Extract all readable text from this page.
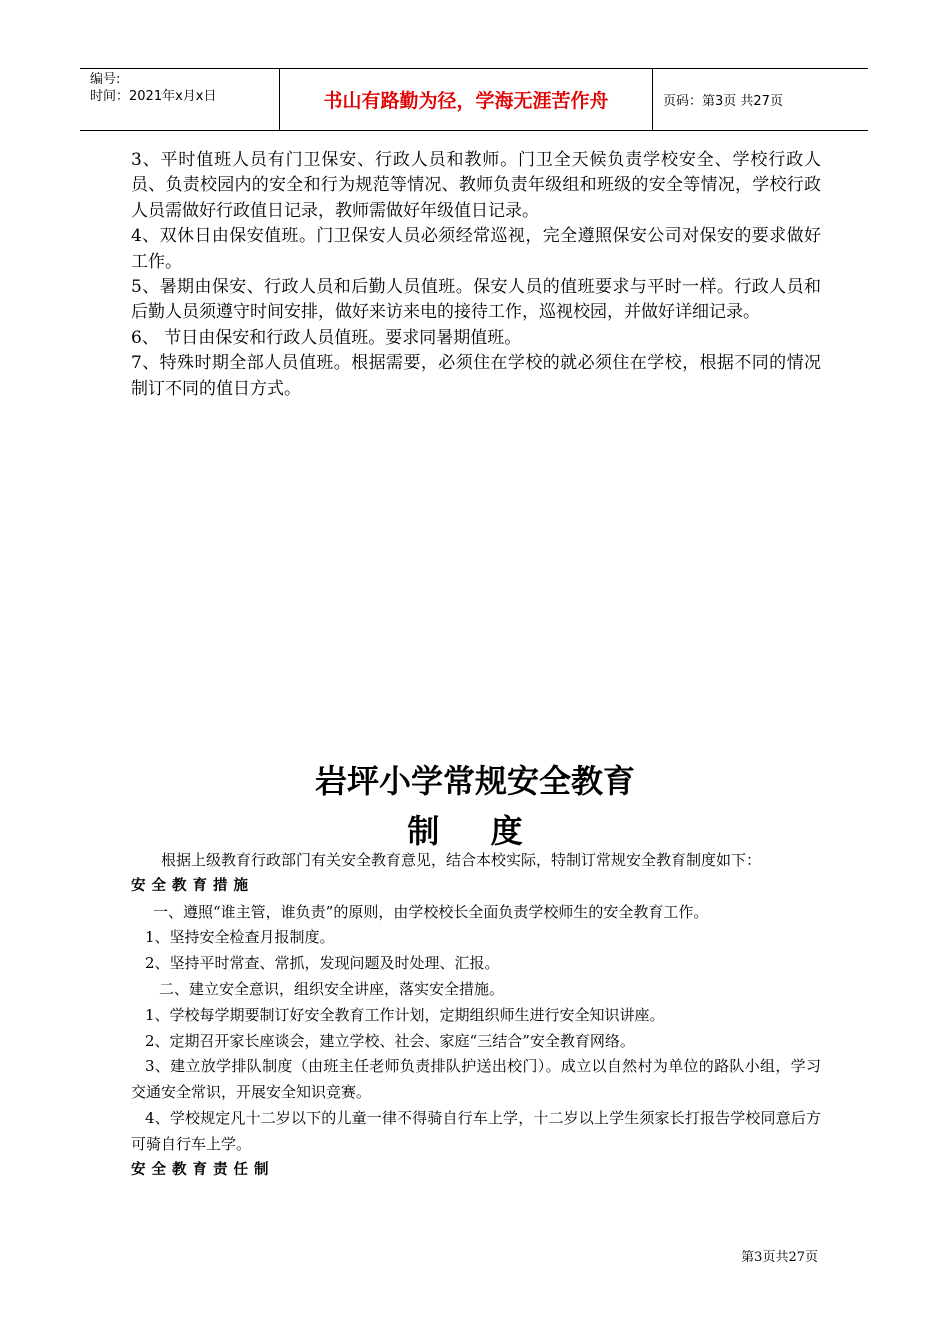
编号:
时间：2021年x月x日	书山有路勤为径，学海无涯苦作舟	页码：第3页 共27页

3、平时值班人员有门卫保安、行政人员和教师。门卫全天候负责学校安全、学校行政人员、负责校园内的安全和行为规范等情况、教师负责年级组和班级的安全等情况，学校行政人员需做好行政值日记录，教师需做好年级值日记录。

4、双休日由保安值班。门卫保安人员必须经常巡视，完全遵照保安公司对保安的要求做好工作。

5、暑期由保安、行政人员和后勤人员值班。保安人员的值班要求与平时一样。行政人员和后勤人员须遵守时间安排，做好来访来电的接待工作，巡视校园，并做好详细记录。

6、 节日由保安和行政人员值班。要求同暑期值班。

7、特殊时期全部人员值班。根据需要，必须住在学校的就必须住在学校，根据不同的情况制订不同的值日方式。

岩坪小学常规安全教育
制 度

根据上级教育行政部门有关安全教育意见，结合本校实际，特制订常规安全教育制度如下：

安全教育措施

一、遵照“谁主管，谁负责”的原则，由学校校长全面负责学校师生的安全教育工作。

1、坚持安全检查月报制度。

2、坚持平时常查、常抓，发现问题及时处理、汇报。

二、建立安全意识，组织安全讲座，落实安全措施。

1、学校每学期要制订好安全教育工作计划，定期组织师生进行安全知识讲座。

2、定期召开家长座谈会，建立学校、社会、家庭“三结合”安全教育网络。

3、建立放学排队制度（由班主任老师负责排队护送出校门）。成立以自然村为单位的路队小组，学习交通安全常识，开展安全知识竞赛。

4、学校规定凡十二岁以下的儿童一律不得骑自行车上学，十二岁以上学生须家长打报告学校同意后方可骑自行车上学。

安全教育责任制

第3页共27页
